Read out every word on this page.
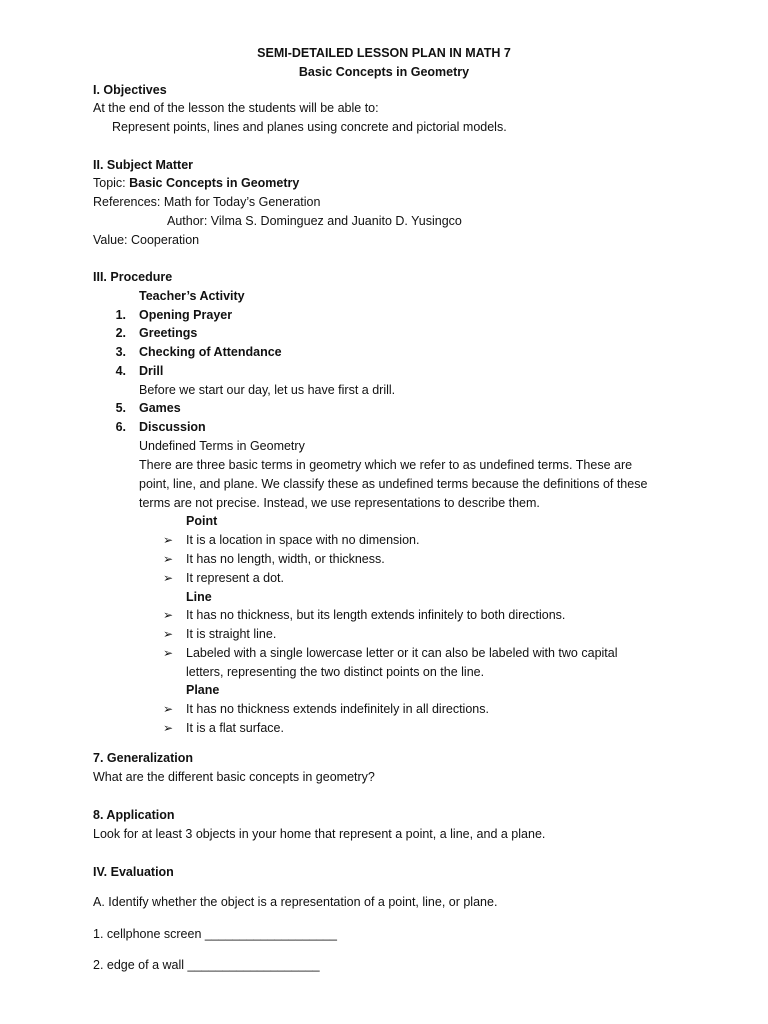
SEMI-DETAILED LESSON PLAN IN MATH 7
Basic Concepts in Geometry
I. Objectives
At the end of the lesson the students will be able to:
Represent points, lines and planes using concrete and pictorial models.
II. Subject Matter
Topic: Basic Concepts in Geometry
References: Math for Today’s Generation
Author: Vilma S. Dominguez and Juanito D. Yusingco
Value: Cooperation
III. Procedure
Teacher’s Activity
1. Opening Prayer
2. Greetings
3. Checking of Attendance
4. Drill
Before we start our day, let us have first a drill.
5. Games
6. Discussion
Undefined Terms in Geometry
There are three basic terms in geometry which we refer to as undefined terms. These are
point, line, and plane. We classify these as undefined terms because the definitions of these
terms are not precise. Instead, we use representations to describe them.
Point
➢ It is a location in space with no dimension.
➢ It has no length, width, or thickness.
➢ It represent a dot.
Line
➢ It has no thickness, but its length extends infinitely to both directions.
➢ It is straight line.
➢ Labeled with a single lowercase letter or it can also be labeled with two capital
letters, representing the two distinct points on the line.
Plane
➢ It has no thickness extends indefinitely in all directions.
➢ It is a flat surface.
7. Generalization
What are the different basic concepts in geometry?
8. Application
Look for at least 3 objects in your home that represent a point, a line, and a plane.
IV. Evaluation
A. Identify whether the object is a representation of a point, line, or plane.
1. cellphone screen ___________________
2. edge of a wall ___________________
